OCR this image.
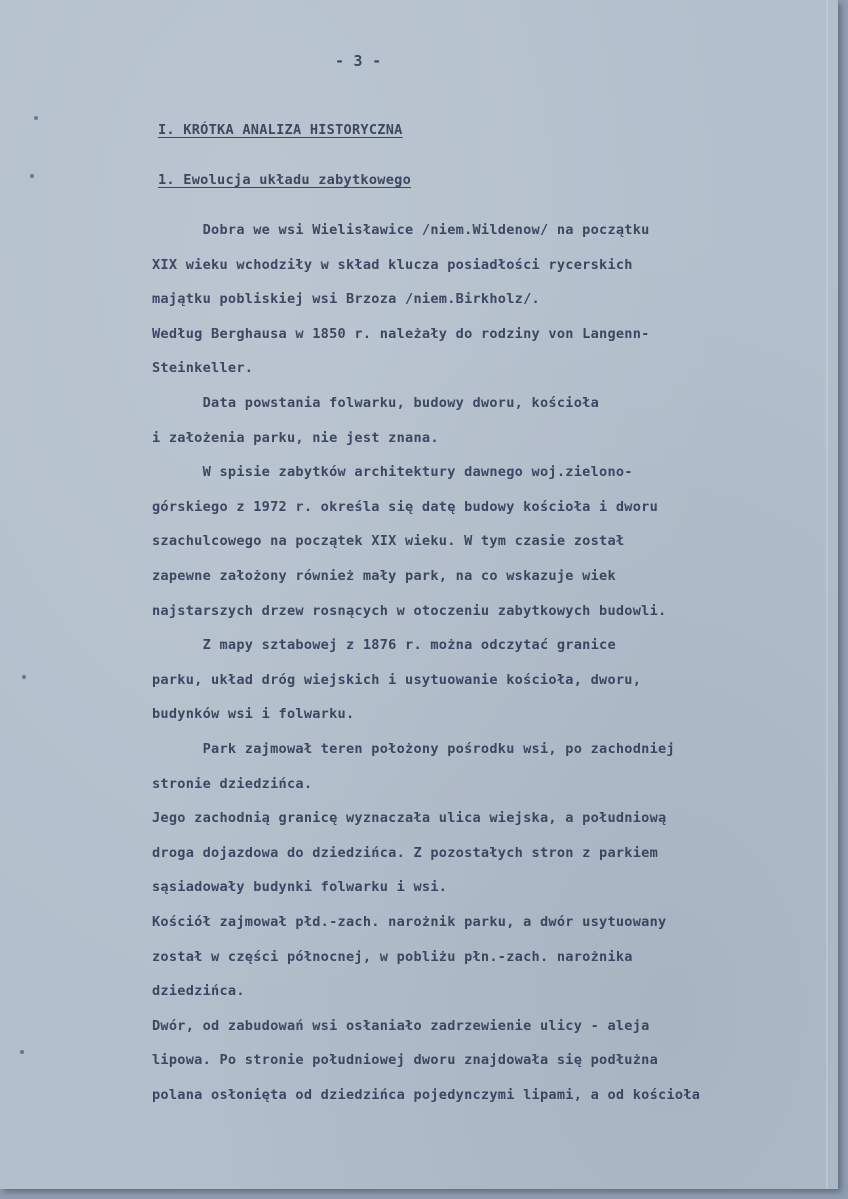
- 3 -
I. KRÓTKA ANALIZA HISTORYCZNA
1. Ewolucja układu zabytkowego
Dobra we wsi Wielisławice /niem.Wildenow/ na początku
XIX wieku wchodziły w skład klucza posiadłości rycerskich
majątku pobliskiej wsi Brzoza /niem.Birkholz/.
Według Berghausa w 1850 r. należały do rodziny von Langenn-
Steinkeller.
Data powstania folwarku, budowy dworu, kościoła
i założenia parku, nie jest znana.
W spisie zabytków architektury dawnego woj.zielono-
górskiego z 1972 r. określa się datę budowy kościoła i dworu
szachulcowego na początek XIX wieku. W tym czasie został
zapewne założony również mały park, na co wskazuje wiek
najstarszych drzew rosnących w otoczeniu zabytkowych budowli.
Z mapy sztabowej z 1876 r. można odczytać granice
parku, układ dróg wiejskich i usytuowanie kościoła, dworu,
budynków wsi i folwarku.
Park zajmował teren położony pośrodku wsi, po zachodniej
stronie dziedzińca.
Jego zachodnią granicę wyznaczała ulica wiejska, a południową
droga dojazdowa do dziedzińca. Z pozostałych stron z parkiem
sąsiadowały budynki folwarku i wsi.
Kościół zajmował płd.-zach. narożnik parku, a dwór usytuowany
został w części północnej, w pobliżu płn.-zach. narożnika
dziedzińca.
Dwór, od zabudowań wsi osłaniało zadrzewienie ulicy - aleja
lipowa. Po stronie południowej dworu znajdowała się podłużna
polana osłonięta od dziedzińca pojedynczymi lipami, a od kościoła
